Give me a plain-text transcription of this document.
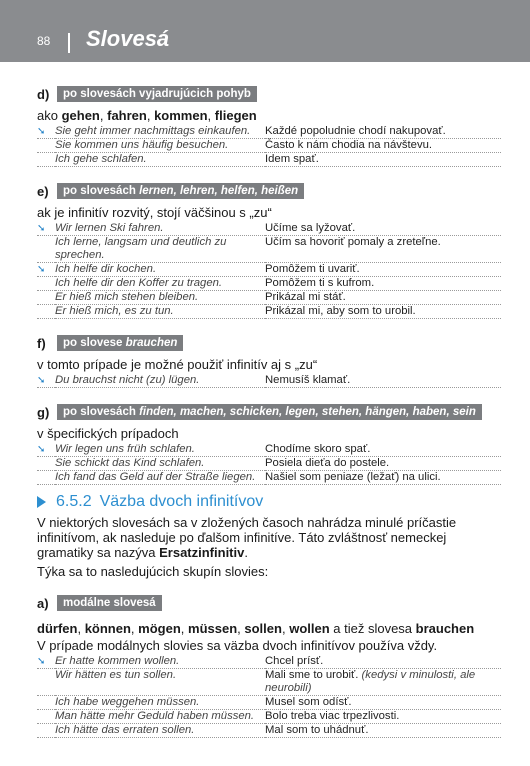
88 Slovesá
d)	po slovesách vyjadrujúcich pohyb
ako gehen, fahren, kommen, fliegen
➘	Sie geht immer nachmittags einkaufen.	Každé popoludnie chodí nakupovať.
	Sie kommen uns häufig besuchen.	Často k nám chodia na návštevu.
	Ich gehe schlafen.	Idem spať.
e)	po slovesách lernen, lehren, helfen, heißen
ak je infinitív rozvitý, stojí väčšinou s „zu“
➘	Wir lernen Ski fahren.	Učíme sa lyžovať.
	Ich lerne, langsam und deutlich zu sprechen.	Učím sa hovoriť pomaly a zreteľne.
➘	Ich helfe dir kochen.	Pomôžem ti uvariť.
	Ich helfe dir den Koffer zu tragen.	Pomôžem ti s kufrom.
	Er hieß mich stehen bleiben.	Prikázal mi stáť.
	Er hieß mich, es zu tun.	Prikázal mi, aby som to urobil.
f)	po slovese brauchen
v tomto prípade je možné použiť infinitív aj s „zu“
➘	Du brauchst nicht (zu) lügen.	Nemusíš klamať.
g)	po slovesách finden, machen, schicken, legen, stehen, hängen, haben, sein
v špecifických prípadoch
➘	Wir legen uns früh schlafen.	Chodíme skoro spať.
	Sie schickt das Kind schlafen.	Posiela dieťa do postele.
	Ich fand das Geld auf der Straße liegen.	Našiel som peniaze (ležať) na ulici.
6.5.2 Väzba dvoch infinitívov
V niektorých slovesách sa v zložených časoch nahrádza minulé príčastie infinitívom, ak nasleduje po ďalšom infinitíve. Táto zvláštnosť nemeckej gramatiky sa nazýva Ersatzinfinitiv.
Týka sa to nasledujúcich skupín slovies:
a)	modálne slovesá
dürfen, können, mögen, müssen, sollen, wollen a tiež slovesa brauchen
V prípade modálnych slovies sa väzba dvoch infinitívov používa vždy.
➘	Er hatte kommen wollen.	Chcel prísť.
	Wir hätten es tun sollen.	Mali sme to urobiť. (kedysi v minulosti, ale neurobili)
	Ich habe weggehen müssen.	Musel som odísť.
	Man hätte mehr Geduld haben müssen.	Bolo treba viac trpezlivosti.
	Ich hätte das erraten sollen.	Mal som to uhádnuť.
